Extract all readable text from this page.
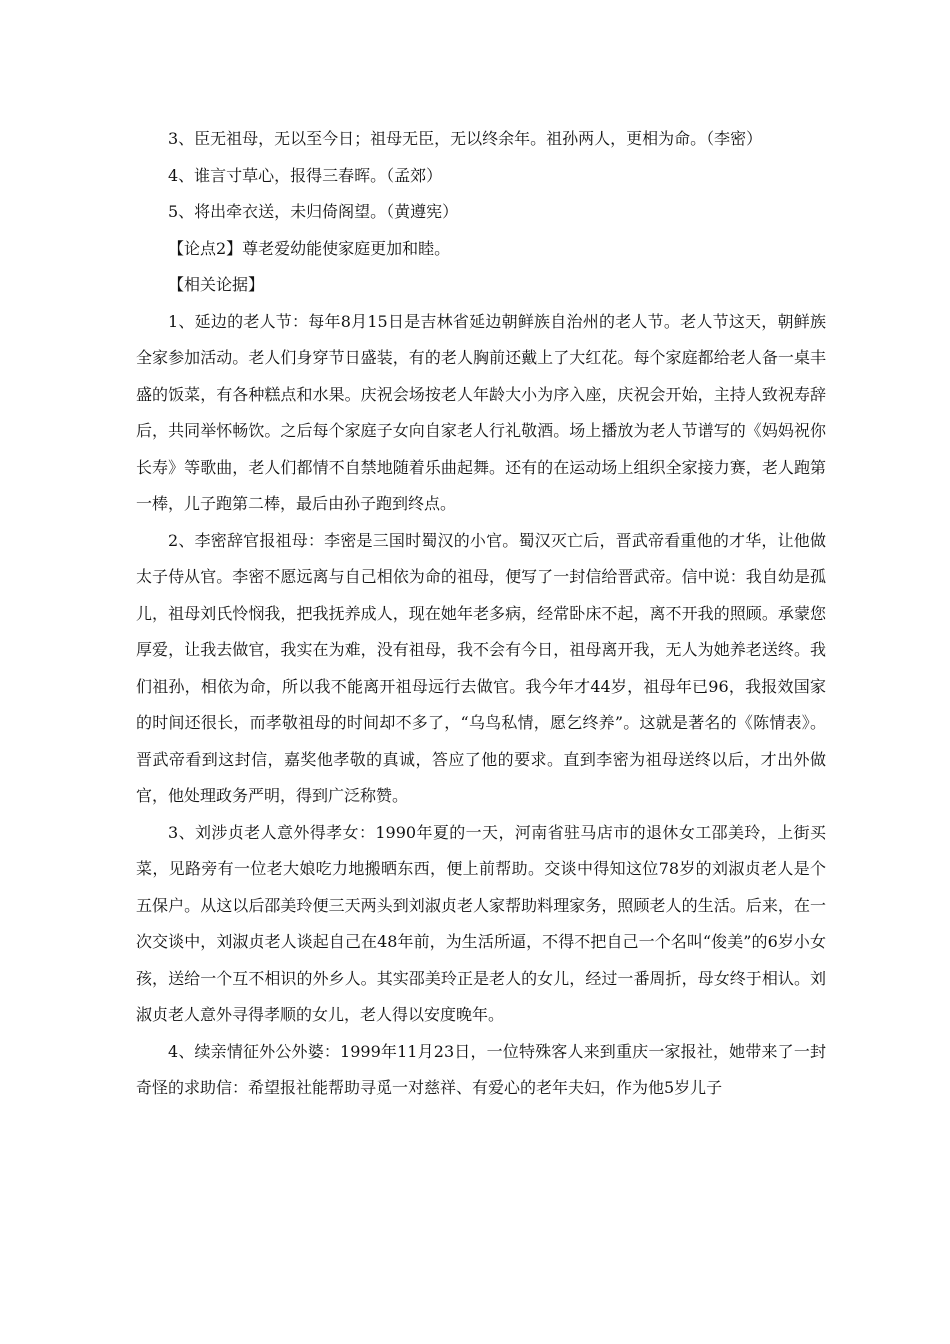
3、臣无祖母，无以至今日；祖母无臣，无以终余年。祖孙两人，更相为命。（李密）

4、谁言寸草心，报得三春晖。（孟郊）

5、将出牵衣送，未归倚阁望。（黄遵宪）

【论点2】尊老爱幼能使家庭更加和睦。

【相关论据】

1、延边的老人节：每年8月15日是吉林省延边朝鲜族自治州的老人节。老人节这天，朝鲜族全家参加活动。老人们身穿节日盛装，有的老人胸前还戴上了大红花。每个家庭都给老人备一桌丰盛的饭菜，有各种糕点和水果。庆祝会场按老人年龄大小为序入座，庆祝会开始，主持人致祝寿辞后，共同举怀畅饮。之后每个家庭子女向自家老人行礼敬酒。场上播放为老人节谱写的《妈妈祝你长寿》等歌曲，老人们都情不自禁地随着乐曲起舞。还有的在运动场上组织全家接力赛，老人跑第一棒，儿子跑第二棒，最后由孙子跑到终点。

2、李密辞官报祖母：李密是三国时蜀汉的小官。蜀汉灭亡后，晋武帝看重他的才华，让他做太子侍从官。李密不愿远离与自己相依为命的祖母，便写了一封信给晋武帝。信中说：我自幼是孤儿，祖母刘氏怜悯我，把我抚养成人，现在她年老多病，经常卧床不起，离不开我的照顾。承蒙您厚爱，让我去做官，我实在为难，没有祖母，我不会有今日，祖母离开我，无人为她养老送终。我们祖孙，相依为命，所以我不能离开祖母远行去做官。我今年才44岁，祖母年已96，我报效国家的时间还很长，而孝敬祖母的时间却不多了，“乌鸟私情，愿乞终养”。这就是著名的《陈情表》。晋武帝看到这封信，嘉奖他孝敬的真诚，答应了他的要求。直到李密为祖母送终以后，才出外做官，他处理政务严明，得到广泛称赞。

3、刘涉贞老人意外得孝女：1990年夏的一天，河南省驻马店市的退休女工邵美玲，上街买菜，见路旁有一位老大娘吃力地搬晒东西，便上前帮助。交谈中得知这位78岁的刘淑贞老人是个五保户。从这以后邵美玲便三天两头到刘淑贞老人家帮助料理家务，照顾老人的生活。后来，在一次交谈中，刘淑贞老人谈起自己在48年前，为生活所逼，不得不把自己一个名叫“俊美”的6岁小女孩，送给一个互不相识的外乡人。其实邵美玲正是老人的女儿，经过一番周折，母女终于相认。刘淑贞老人意外寻得孝顺的女儿，老人得以安度晚年。

4、续亲情征外公外婆：1999年11月23日，一位特殊客人来到重庆一家报社，她带来了一封奇怪的求助信：希望报社能帮助寻觅一对慈祥、有爱心的老年夫妇，作为他5岁儿子
